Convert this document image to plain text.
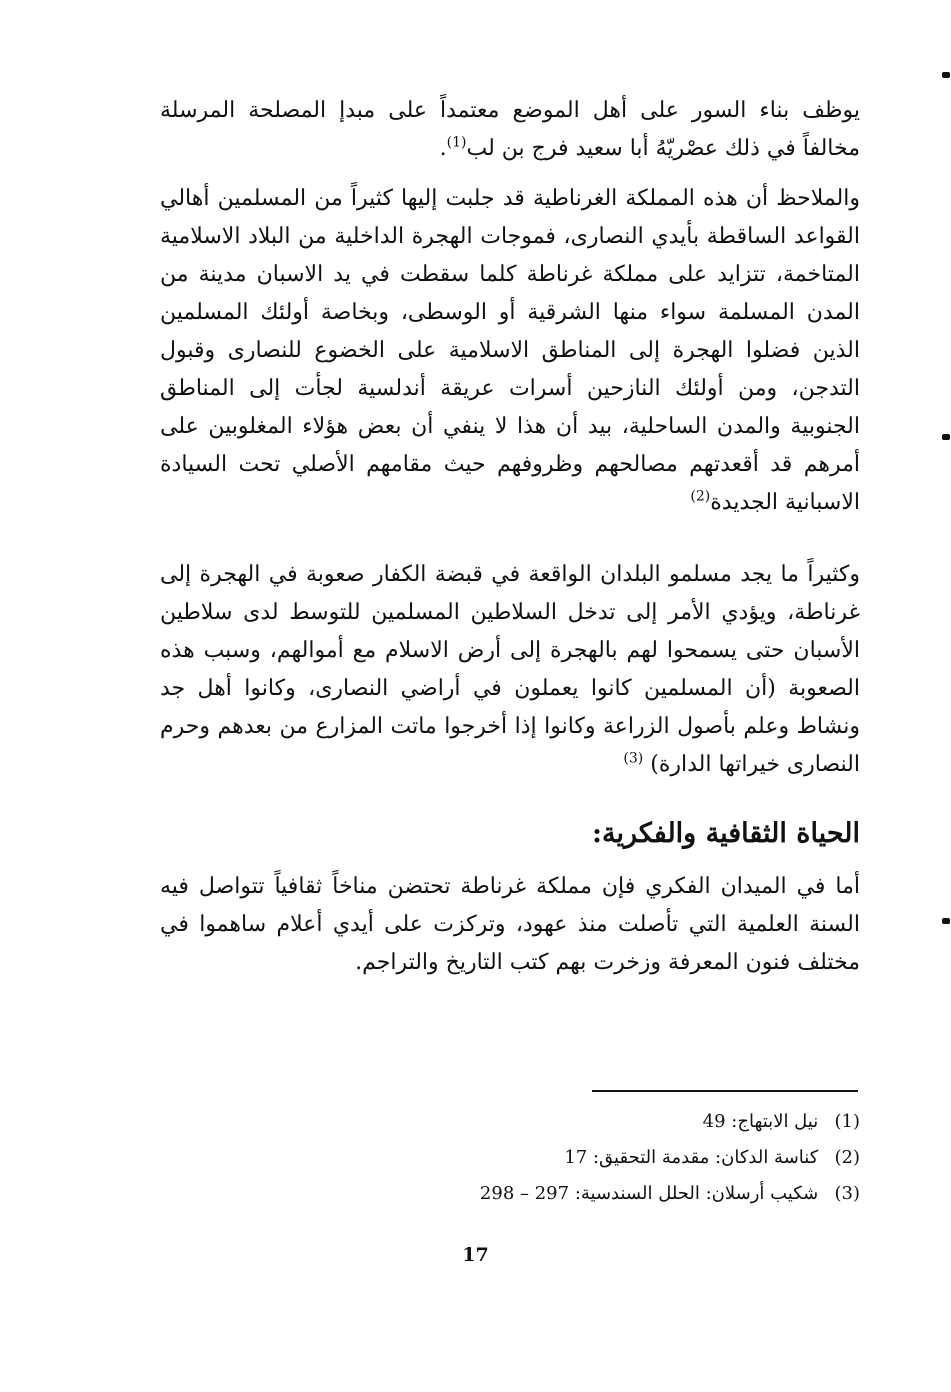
يوظف بناء السور على أهل الموضع معتمداً على مبدإ المصلحة المرسلة مخالفاً في ذلك عصْريّهُ أبا سعيد فرج بن لب$^{(1)}$.

والملاحظ أن هذه المملكة الغرناطية قد جلبت إليها كثيراً من المسلمين أهالي القواعد الساقطة بأيدي النصارى، فموجات الهجرة الداخلية من البلاد الاسلامية المتاخمة، تتزايد على مملكة غرناطة كلما سقطت في يد الاسبان مدينة من المدن المسلمة سواء منها الشرقية أو الوسطى، وبخاصة أولئك المسلمين الذين فضلوا الهجرة إلى المناطق الاسلامية على الخضوع للنصارى وقبول التدجن، ومن أولئك النازحين أسرات عريقة أندلسية لجأت إلى المناطق الجنوبية والمدن الساحلية، بيد أن هذا لا ينفي أن بعض هؤلاء المغلوبين على أمرهم قد أقعدتهم مصالحهم وظروفهم حيث مقامهم الأصلي تحت السيادة الاسبانية الجديدة$^{(2)}$

وكثيراً ما يجد مسلمو البلدان الواقعة في قبضة الكفار صعوبة في الهجرة إلى غرناطة، ويؤدي الأمر إلى تدخل السلاطين المسلمين للتوسط لدى سلاطين الأسبان حتى يسمحوا لهم بالهجرة إلى أرض الاسلام مع أموالهم، وسبب هذه الصعوبة (أن المسلمين كانوا يعملون في أراضي النصارى، وكانوا أهل جد ونشاط وعلم بأصول الزراعة وكانوا إذا أخرجوا ماتت المزارع من بعدهم وحرم النصارى خيراتها الدارة) $^{(3)}$

الحياة الثقافية والفكرية:

أما في الميدان الفكري فإن مملكة غرناطة تحتضن مناخاً ثقافياً تتواصل فيه السنة العلمية التي تأصلت منذ عهود، وتركزت على أيدي أعلام ساهموا في مختلف فنون المعرفة وزخرت بهم كتب التاريخ والتراجم.

(1) نيل الابتهاج: 49
(2) كناسة الدكان: مقدمة التحقيق: 17
(3) شكيب أرسلان: الحلل السندسية: 297 – 298
17
